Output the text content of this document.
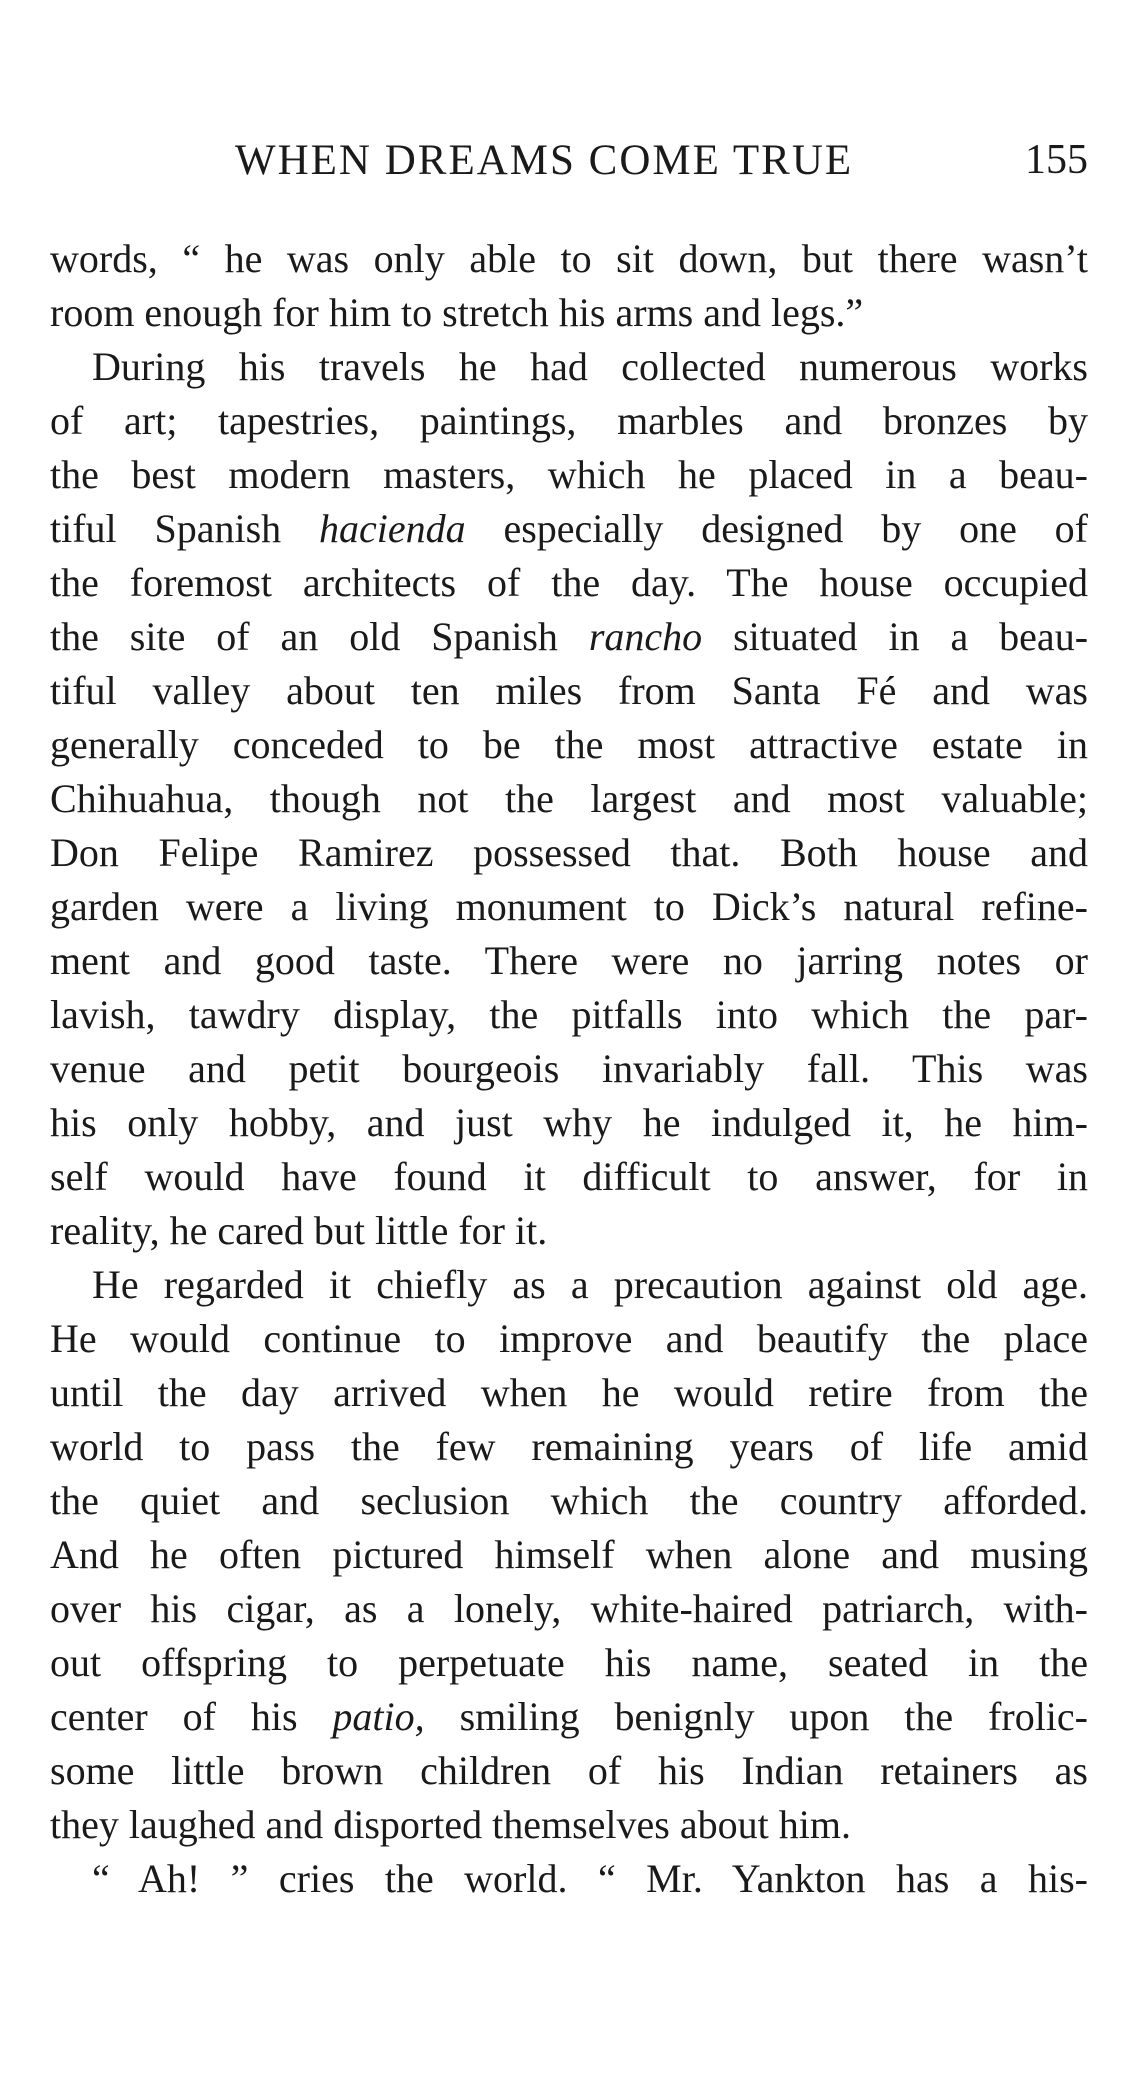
WHEN DREAMS COME TRUE	155
words, “ he was only able to sit down, but there wasn’t
room enough for him to stretch his arms and legs.”
During his travels he had collected numerous works
of art; tapestries, paintings, marbles and bronzes by
the best modern masters, which he placed in a beau-
tiful Spanish hacienda especially designed by one of
the foremost architects of the day. The house occupied
the site of an old Spanish rancho situated in a beau-
tiful valley about ten miles from Santa Fé and was
generally conceded to be the most attractive estate in
Chihuahua, though not the largest and most valuable;
Don Felipe Ramirez possessed that. Both house and
garden were a living monument to Dick’s natural refine-
ment and good taste. There were no jarring notes or
lavish, tawdry display, the pitfalls into which the par-
venue and petit bourgeois invariably fall. This was
his only hobby, and just why he indulged it, he him-
self would have found it difficult to answer, for in
reality, he cared but little for it.
He regarded it chiefly as a precaution against old age.
He would continue to improve and beautify the place
until the day arrived when he would retire from the
world to pass the few remaining years of life amid
the quiet and seclusion which the country afforded.
And he often pictured himself when alone and musing
over his cigar, as a lonely, white-haired patriarch, with-
out offspring to perpetuate his name, seated in the
center of his patio, smiling benignly upon the frolic-
some little brown children of his Indian retainers as
they laughed and disported themselves about him.
“ Ah! ” cries the world. “ Mr. Yankton has a his-
